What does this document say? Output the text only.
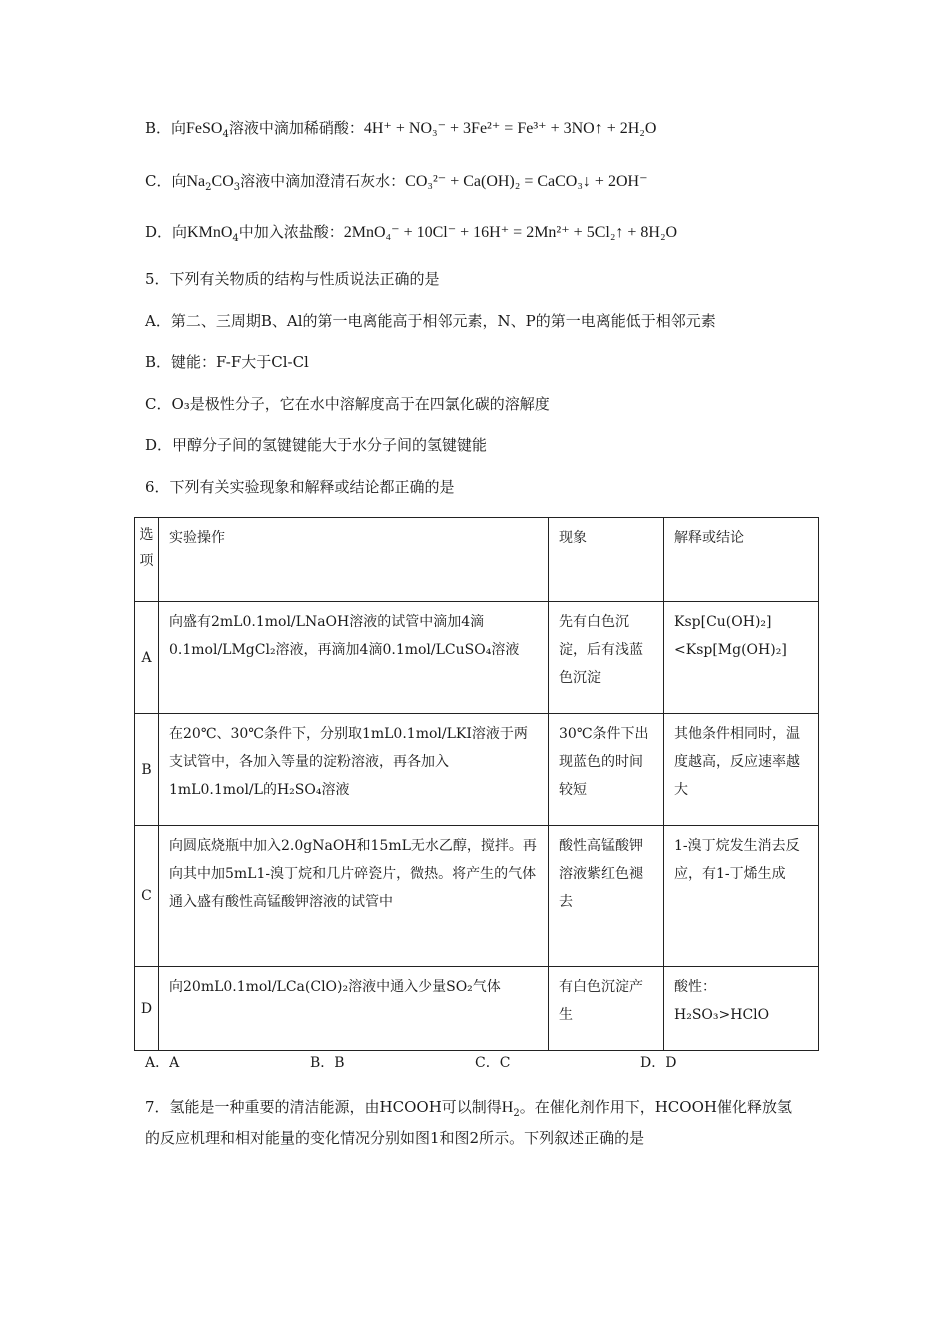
B．向FeSO$_4$溶液中滴加稀硝酸：4H⁺ + NO₃⁻ + 3Fe²⁺ = Fe³⁺ + 3NO↑ + 2H₂O
C．向$Na_2CO_3$溶液中滴加澄清石灰水：CO₃²⁻ + Ca(OH)₂ = CaCO₃↓ + 2OH⁻
D．向KMnO$_4$中加入浓盐酸：2MnO₄⁻ + 10Cl⁻ + 16H⁺ = 2Mn²⁺ + 5Cl₂↑ + 8H₂O
5．下列有关物质的结构与性质说法正确的是
A．第二、三周期B、Al的第一电离能高于相邻元素，N、P的第一电离能低于相邻元素
B．键能：F-F大于Cl-Cl
C．O₃是极性分子，它在水中溶解度高于在四氯化碳的溶解度
D．甲醇分子间的氢键键能大于水分子间的氢键键能
6．下列有关实验现象和解释或结论都正确的是
选项	实验操作	现象	解释或结论
A	向盛有2mL0.1mol/LNaOH溶液的试管中滴加4滴0.1mol/LMgCl₂溶液，再滴加4滴0.1mol/LCuSO₄溶液	先有白色沉淀，后有浅蓝色沉淀	Ksp[Cu(OH)₂]<Ksp[Mg(OH)₂]
B	在20℃、30℃条件下，分别取1mL0.1mol/LKI溶液于两支试管中，各加入等量的淀粉溶液，再各加入1mL0.1mol/L的H₂SO₄溶液	30℃条件下出现蓝色的时间较短	其他条件相同时，温度越高，反应速率越大
C	向圆底烧瓶中加入2.0gNaOH和15mL无水乙醇，搅拌。再向其中加5mL1-溴丁烷和几片碎瓷片，微热。将产生的气体通入盛有酸性高锰酸钾溶液的试管中	酸性高锰酸钾溶液紫红色褪去	1-溴丁烷发生消去反应，有1-丁烯生成
D	向20mL0.1mol/LCa(ClO)₂溶液中通入少量SO₂气体	有白色沉淀产生	酸性：H₂SO₃>HClO
A．A	B．B	C．C	D．D
7．氢能是一种重要的清洁能源，由HCOOH可以制得$H_2$。在催化剂作用下，HCOOH催化释放氢的反应机理和相对能量的变化情况分别如图1和图2所示。下列叙述正确的是
